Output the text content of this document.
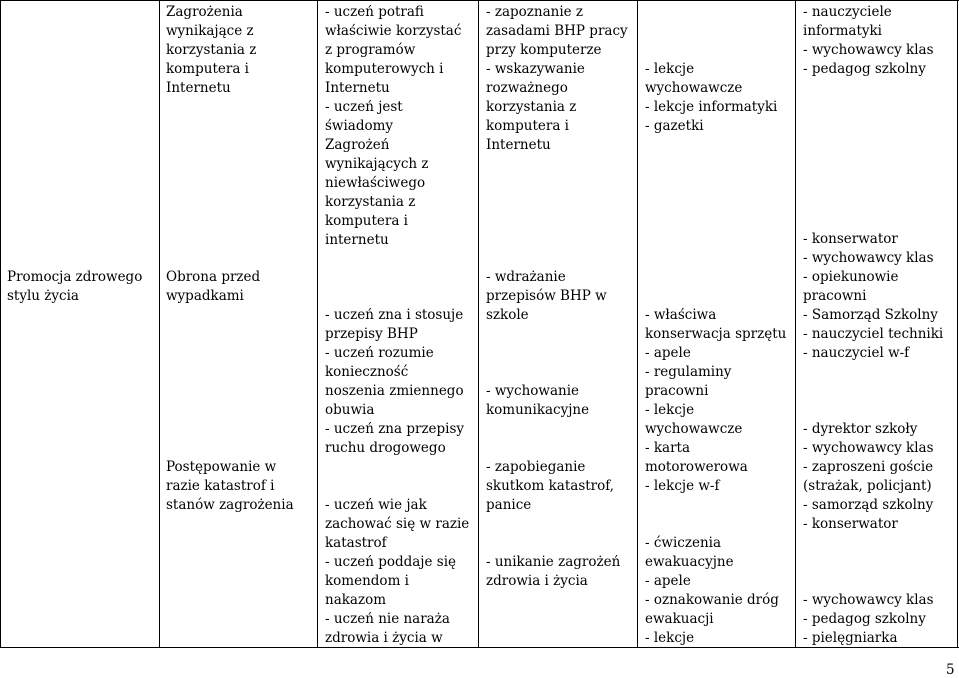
Promocja zdrowego
stylu życia
Zagrożenia
wynikające z
korzystania z
komputera i
Internetu
Obrona przed
wypadkami
Postępowanie w
razie katastrof i
stanów zagrożenia
- uczeń potrafi
właściwie korzystać
z programów
komputerowych i
Internetu
- uczeń jest
świadomy
Zagrożeń
wynikających z
niewłaściwego
korzystania z
komputera i
internetu
- uczeń zna i stosuje
przepisy BHP
- uczeń rozumie
konieczność
noszenia zmiennego
obuwia
- uczeń zna przepisy
ruchu drogowego
- uczeń wie jak
zachować się w razie
katastrof
- uczeń poddaje się
komendom i
nakazom
- uczeń nie naraża
zdrowia i życia w
- zapoznanie z
zasadami BHP pracy
przy komputerze
- wskazywanie
rozważnego
korzystania z
komputera i
Internetu
- wdrażanie
przepisów BHP w
szkole
- wychowanie
komunikacyjne
- zapobieganie
skutkom katastrof,
panice
- unikanie zagrożeń
zdrowia i życia
- lekcje
wychowawcze
- lekcje informatyki
- gazetki
- właściwa
konserwacja sprzętu
- apele
- regulaminy
pracowni
- lekcje
wychowawcze
- karta
motorowerowa
- lekcje w-f
- ćwiczenia
ewakuacyjne
- apele
- oznakowanie dróg
ewakuacji
- lekcje
- nauczyciele
informatyki
- wychowawcy klas
- pedagog szkolny
- konserwator
- wychowawcy klas
- opiekunowie
pracowni
- Samorząd Szkolny
- nauczyciel techniki
- nauczyciel w-f
- dyrektor szkoły
- wychowawcy klas
- zaproszeni goście
(strażak, policjant)
- samorząd szkolny
- konserwator
- wychowawcy klas
- pedagog szkolny
- pielęgniarka
5
